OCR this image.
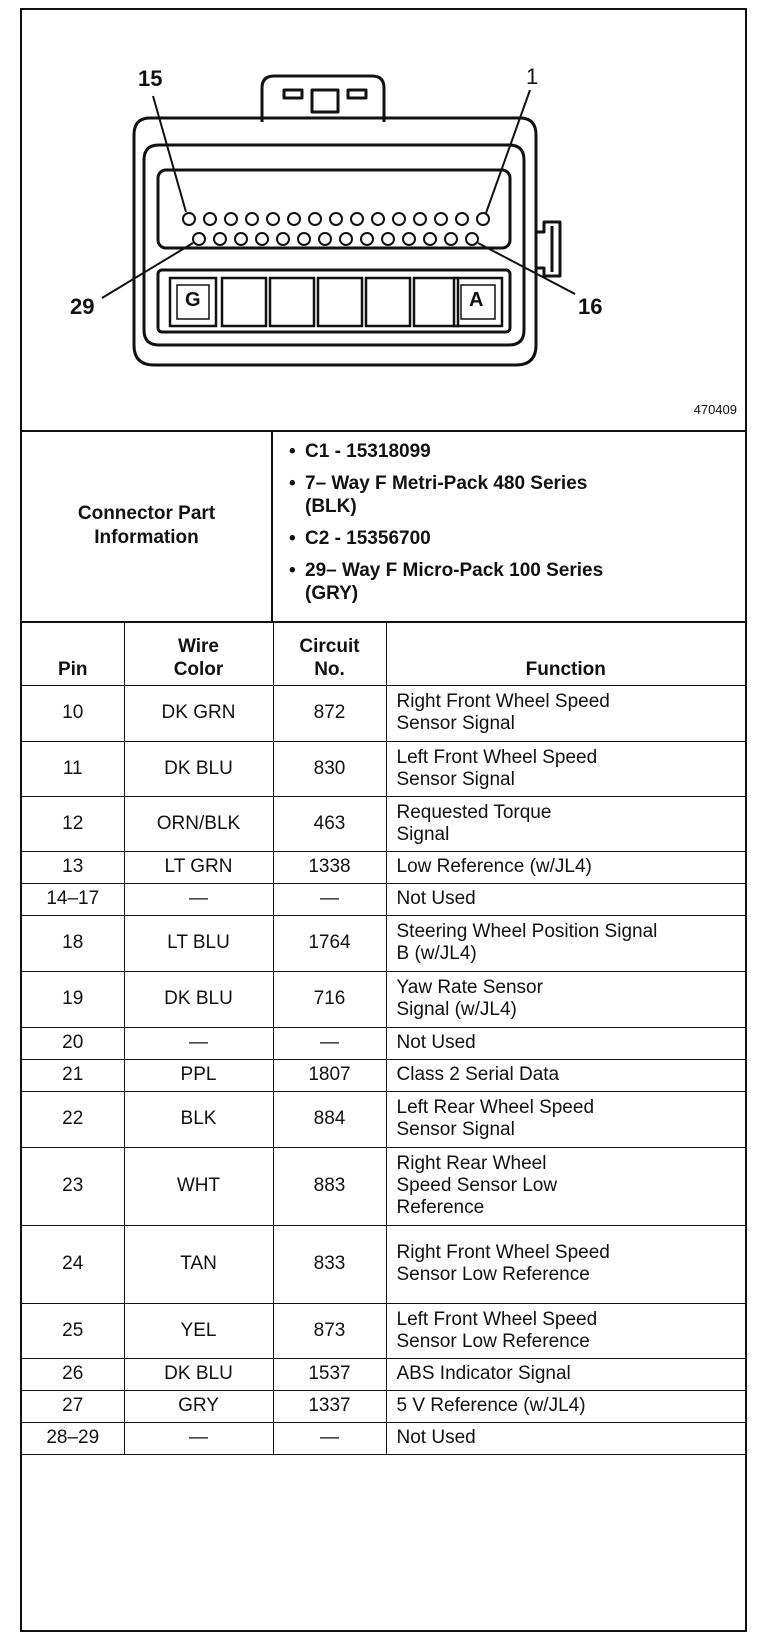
15	1
29	16
G	A
470409
Connector Part Information
• C1 - 15318099
• 7– Way F Metri-Pack 480 Series (BLK)
• C2 - 15356700
• 29– Way F Micro-Pack 100 Series (GRY)
Pin	Wire Color	Circuit No.	Function
10	DK GRN	872	Right Front Wheel Speed Sensor Signal

11	DK BLU	830	Left Front Wheel Speed Sensor Signal

12	ORN/BLK	463	Requested Torque Signal

13	LT GRN	1338	Low Reference (w/JL4)
14–17	—	—	Not Used
18	LT BLU	1764	Steering Wheel Position Signal B (w/JL4)

19	DK BLU	716	Yaw Rate Sensor Signal (w/JL4)

20	—	—	Not Used
21	PPL	1807	Class 2 Serial Data
22	BLK	884	Left Rear Wheel Speed Sensor Signal

23	WHT	883	Right Rear Wheel Speed Sensor Low Reference

24	TAN	833	Right Front Wheel Speed Sensor Low Reference

25	YEL	873	Left Front Wheel Speed Sensor Low Reference

26	DK BLU	1537	ABS Indicator Signal
27	GRY	1337	5 V Reference (w/JL4)
28–29	—	—	Not Used
